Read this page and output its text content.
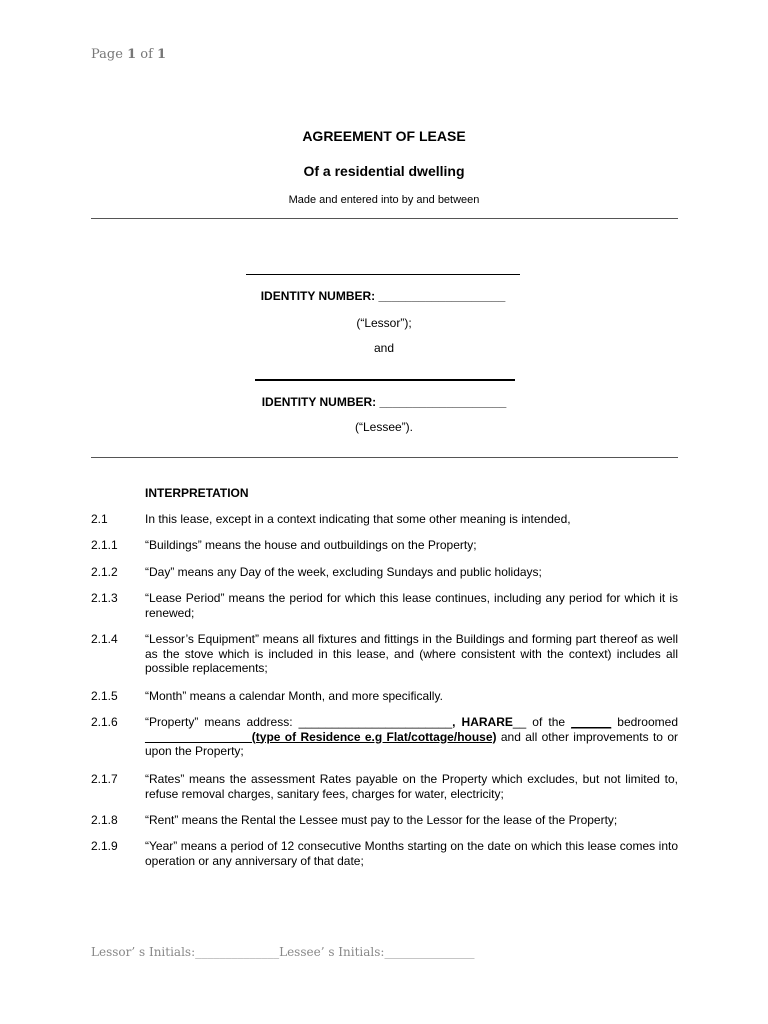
Page 1 of 1
AGREEMENT OF LEASE
Of a residential dwelling
Made and entered into by and between
IDENTITY NUMBER: ___________________
(“Lessor”);
and
IDENTITY NUMBER: ___________________
(“Lessee”).
INTERPRETATION
2.1	In this lease, except in a context indicating that some other meaning is intended,
2.1.1 “Buildings” means the house and outbuildings on the Property;
2.1.2 “Day” means any Day of the week, excluding Sundays and public holidays;
2.1.3 “Lease Period” means the period for which this lease continues, including any period for which it is renewed;
2.1.4 “Lessor’s Equipment” means all fixtures and fittings in the Buildings and forming part thereof as well as the stove which is included in this lease, and (where consistent with the context) includes all possible replacements;
2.1.5 “Month” means a calendar Month, and more specifically.
2.1.6 “Property” means address: _______________________, HARARE__ of the ______ bedroomed ________________(type of Residence e.g Flat/cottage/house) and all other improvements to or upon the Property;
2.1.7 “Rates” means the assessment Rates payable on the Property which excludes, but not limited to, refuse removal charges, sanitary fees, charges for water, electricity;
2.1.8 “Rent” means the Rental the Lessee must pay to the Lessor for the lease of the Property;
2.1.9 “Year” means a period of 12 consecutive Months starting on the date on which this lease comes into operation or any anniversary of that date;
Lessor’ s Initials:______________Lessee’ s Initials:_______________
